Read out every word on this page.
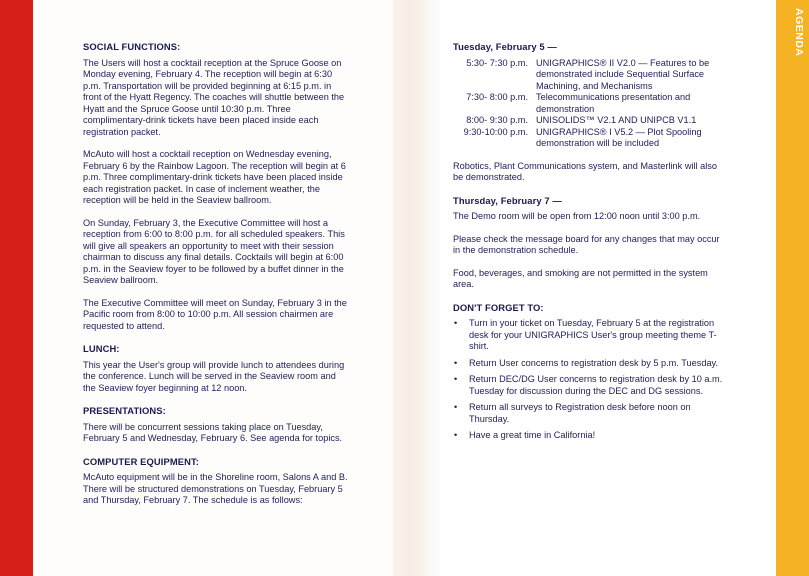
AGENDA
SOCIAL FUNCTIONS:

The Users will host a cocktail reception at the Spruce Goose on Monday evening, February 4. The reception will begin at 6:30 p.m. Transportation will be provided beginning at 6:15 p.m. in front of the Hyatt Regency. The coaches will shuttle between the Hyatt and the Spruce Goose until 10:30 p.m. Three complimentary-drink tickets have been placed inside each registration packet.

McAuto will host a cocktail reception on Wednesday evening, February 6 by the Rainbow Lagoon. The reception will begin at 6 p.m. Three complimentary-drink tickets have been placed inside each registration packet. In case of inclement weather, the reception will be held in the Seaview ballroom.

On Sunday, February 3, the Executive Committee will host a reception from 6:00 to 8:00 p.m. for all scheduled speakers. This will give all speakers an opportunity to meet with their session chairman to discuss any final details. Cocktails will begin at 6:00 p.m. in the Seaview foyer to be followed by a buffet dinner in the Seaview ballroom.

The Executive Committee will meet on Sunday, February 3 in the Pacific room from 8:00 to 10:00 p.m. All session chairmen are requested to attend.

LUNCH:

This year the User's group will provide lunch to attendees during the conference. Lunch will be served in the Seaview room and the Seaview foyer beginning at 12 noon.

PRESENTATIONS:

There will be concurrent sessions taking place on Tuesday, February 5 and Wednesday, February 6. See agenda for topics.

COMPUTER EQUIPMENT:

McAuto equipment will be in the Shoreline room, Salons A and B. There will be structured demonstrations on Tuesday, February 5 and Thursday, February 7. The schedule is as follows:

Tuesday, February 5 —
5:30- 7:30 p.m. UNIGRAPHICS® II V2.0 — Features to be demonstrated include Sequential Surface Machining, and Mechanisms
7:30- 8:00 p.m. Telecommunications presentation and demonstration
8:00- 9:30 p.m. UNISOLIDS™ V2.1 AND UNIPCB V1.1
9:30-10:00 p.m. UNIGRAPHICS® I V5.2 — Plot Spooling demonstration will be included

Robotics, Plant Communications system, and Masterlink will also be demonstrated.

Thursday, February 7 —

The Demo room will be open from 12:00 noon until 3:00 p.m.

Please check the message board for any changes that may occur in the demonstration schedule.

Food, beverages, and smoking are not permitted in the system area.

DON'T FORGET TO:
• Turn in your ticket on Tuesday, February 5 at the registration desk for your UNIGRAPHICS User's group meeting theme T-shirt.
• Return User concerns to registration desk by 5 p.m. Tuesday.
• Return DEC/DG User concerns to registration desk by 10 a.m. Tuesday for discussion during the DEC and DG sessions.
• Return all surveys to Registration desk before noon on Thursday.
• Have a great time in California!
